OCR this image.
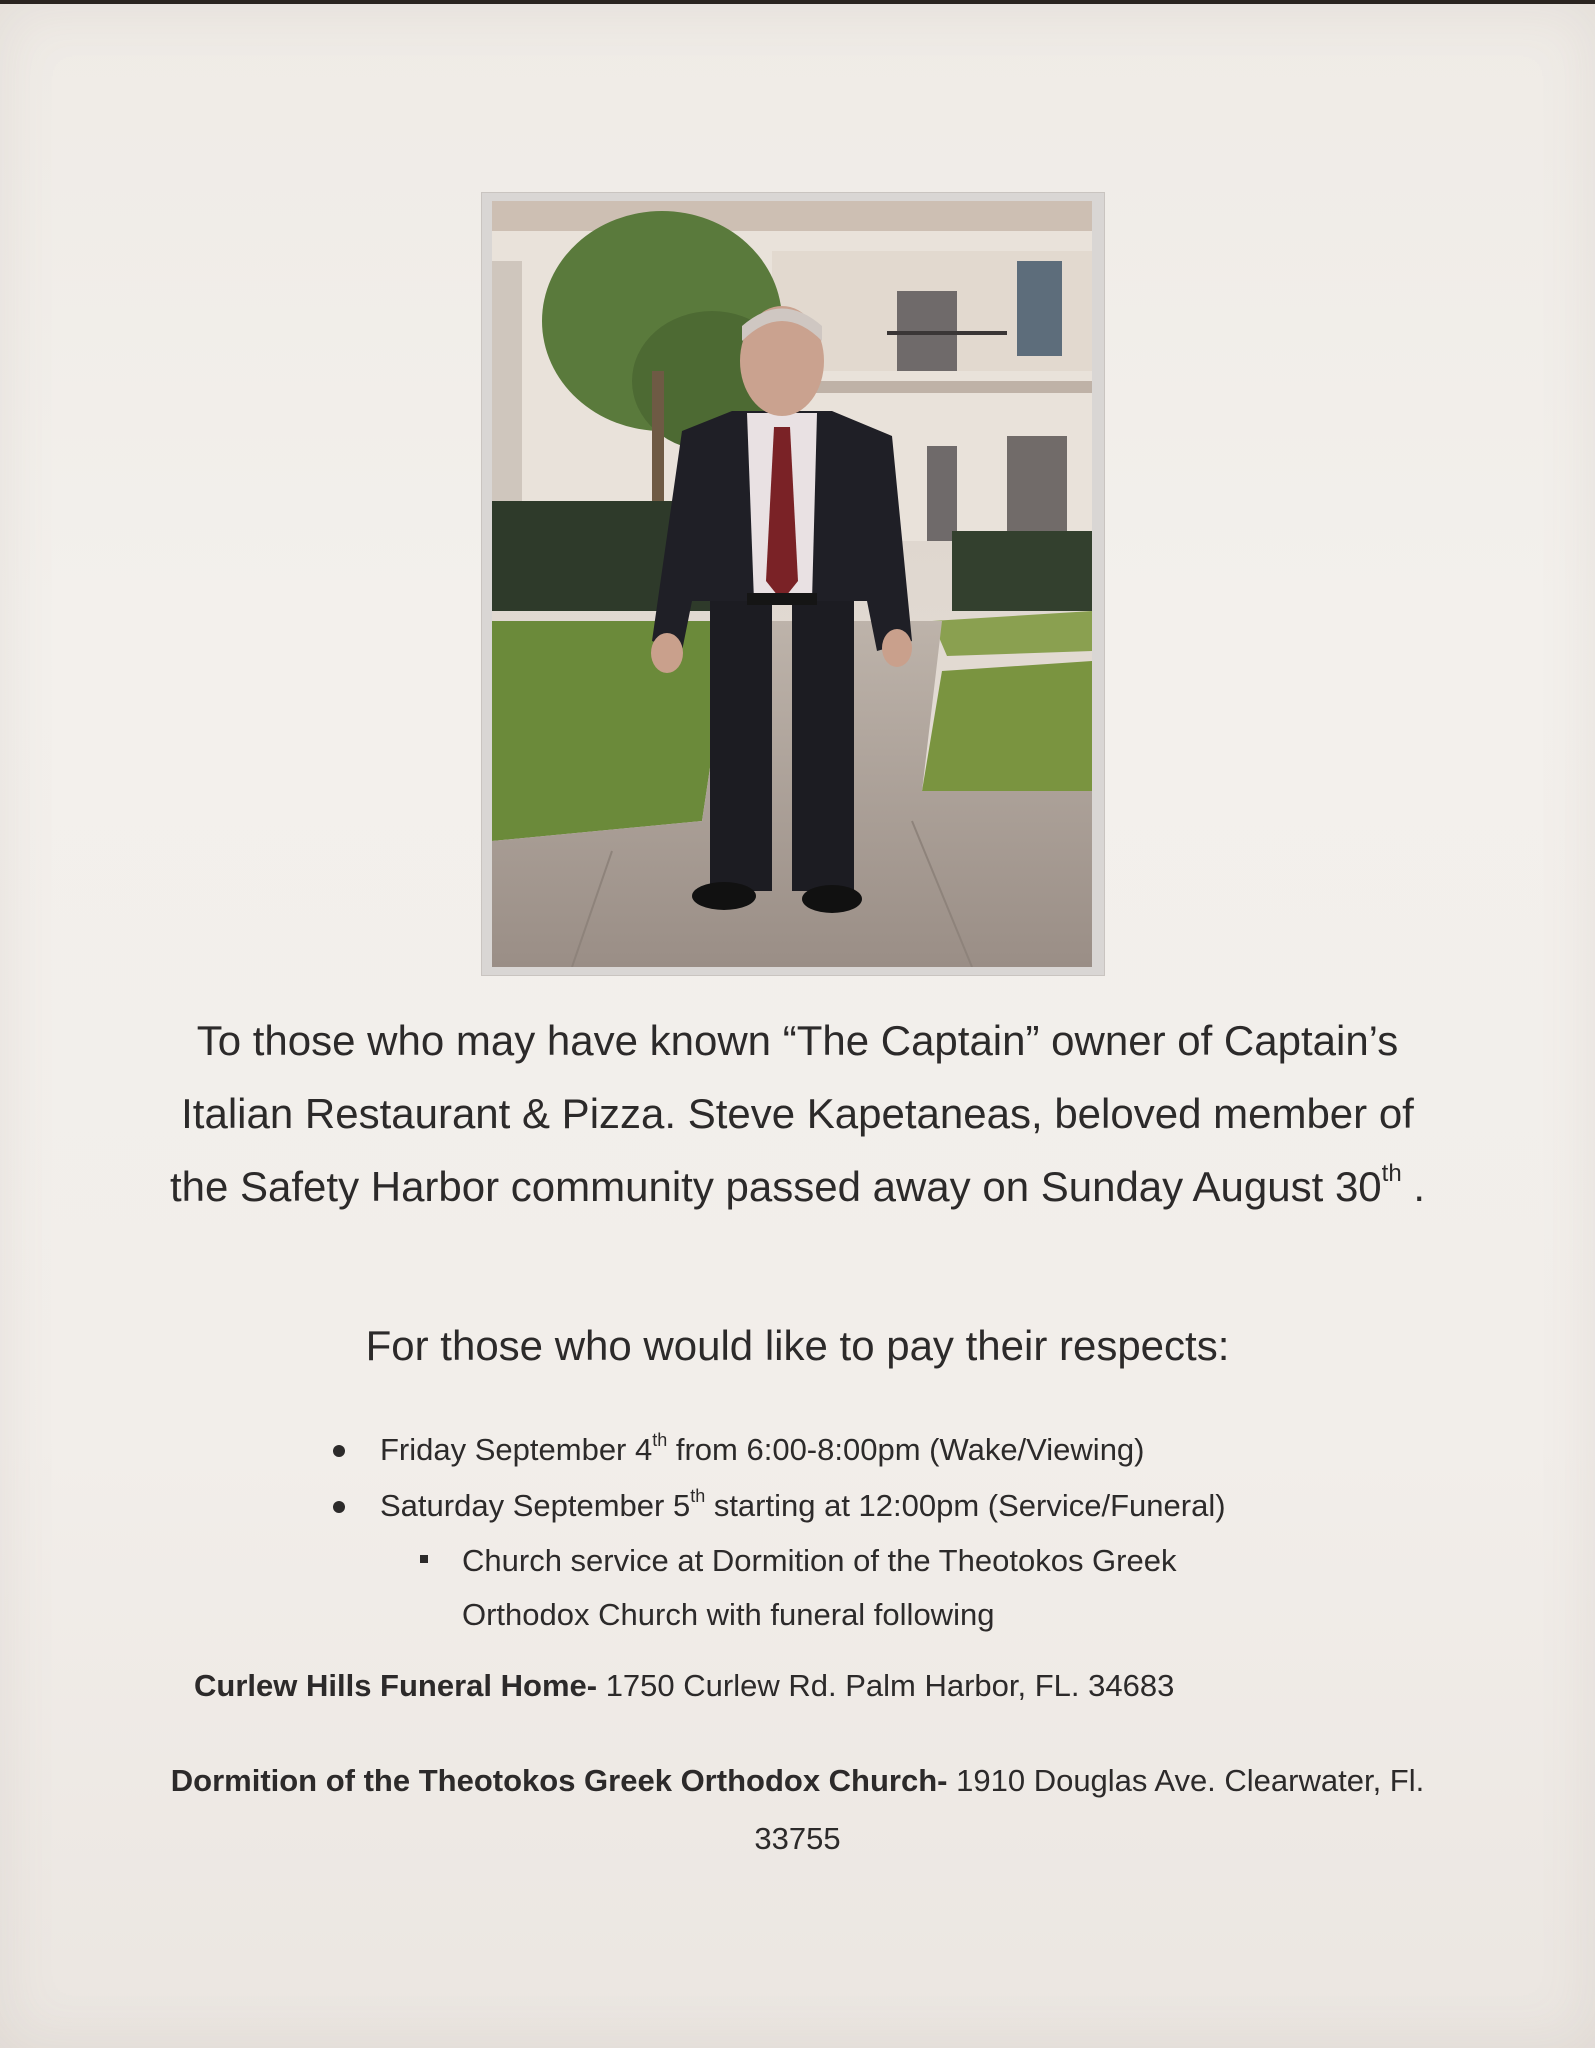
To those who may have known “The Captain” owner of Captain’s Italian Restaurant & Pizza. Steve Kapetaneas, beloved member of the Safety Harbor community passed away on Sunday August 30th .
For those who would like to pay their respects:
Friday September 4th from 6:00-8:00pm (Wake/Viewing)
Saturday September 5th starting at 12:00pm (Service/Funeral)
Church service at Dormition of the Theotokos Greek Orthodox Church with funeral following
Curlew Hills Funeral Home- 1750 Curlew Rd. Palm Harbor, FL. 34683
Dormition of the Theotokos Greek Orthodox Church- 1910 Douglas Ave. Clearwater, Fl. 33755
